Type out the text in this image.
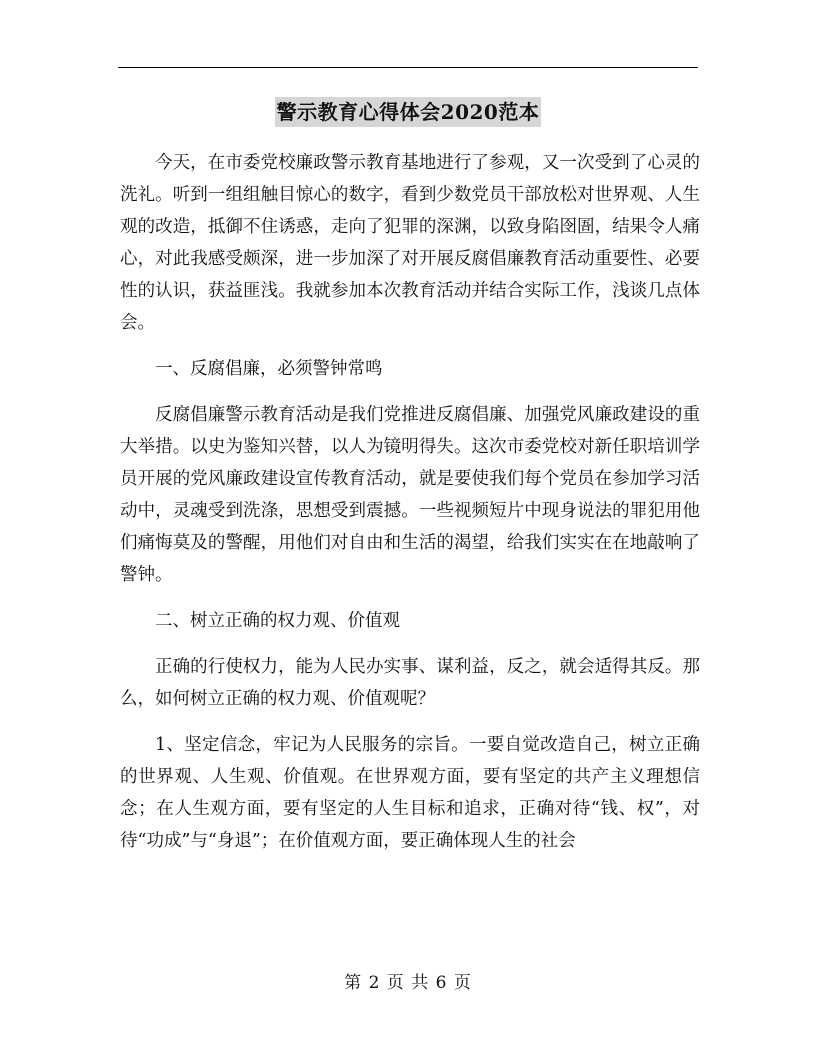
警示教育心得体会2020范本

今天，在市委党校廉政警示教育基地进行了参观，又一次受到了心灵的洗礼。听到一组组触目惊心的数字，看到少数党员干部放松对世界观、人生观的改造，抵御不住诱惑，走向了犯罪的深渊，以致身陷囹圄，结果令人痛心，对此我感受颇深，进一步加深了对开展反腐倡廉教育活动重要性、必要性的认识，获益匪浅。我就参加本次教育活动并结合实际工作，浅谈几点体会。

一、反腐倡廉，必须警钟常鸣

反腐倡廉警示教育活动是我们党推进反腐倡廉、加强党风廉政建设的重大举措。以史为鉴知兴替，以人为镜明得失。这次市委党校对新任职培训学员开展的党风廉政建设宣传教育活动，就是要使我们每个党员在参加学习活动中，灵魂受到洗涤，思想受到震撼。一些视频短片中现身说法的罪犯用他们痛悔莫及的警醒，用他们对自由和生活的渴望，给我们实实在在地敲响了警钟。

二、树立正确的权力观、价值观

正确的行使权力，能为人民办实事、谋利益，反之，就会适得其反。那么，如何树立正确的权力观、价值观呢？

1、坚定信念，牢记为人民服务的宗旨。一要自觉改造自己，树立正确的世界观、人生观、价值观。在世界观方面，要有坚定的共产主义理想信念；在人生观方面，要有坚定的人生目标和追求，正确对待“钱、权”，对待“功成”与“身退”；在价值观方面，要正确体现人生的社会

第 2 页 共 6 页
